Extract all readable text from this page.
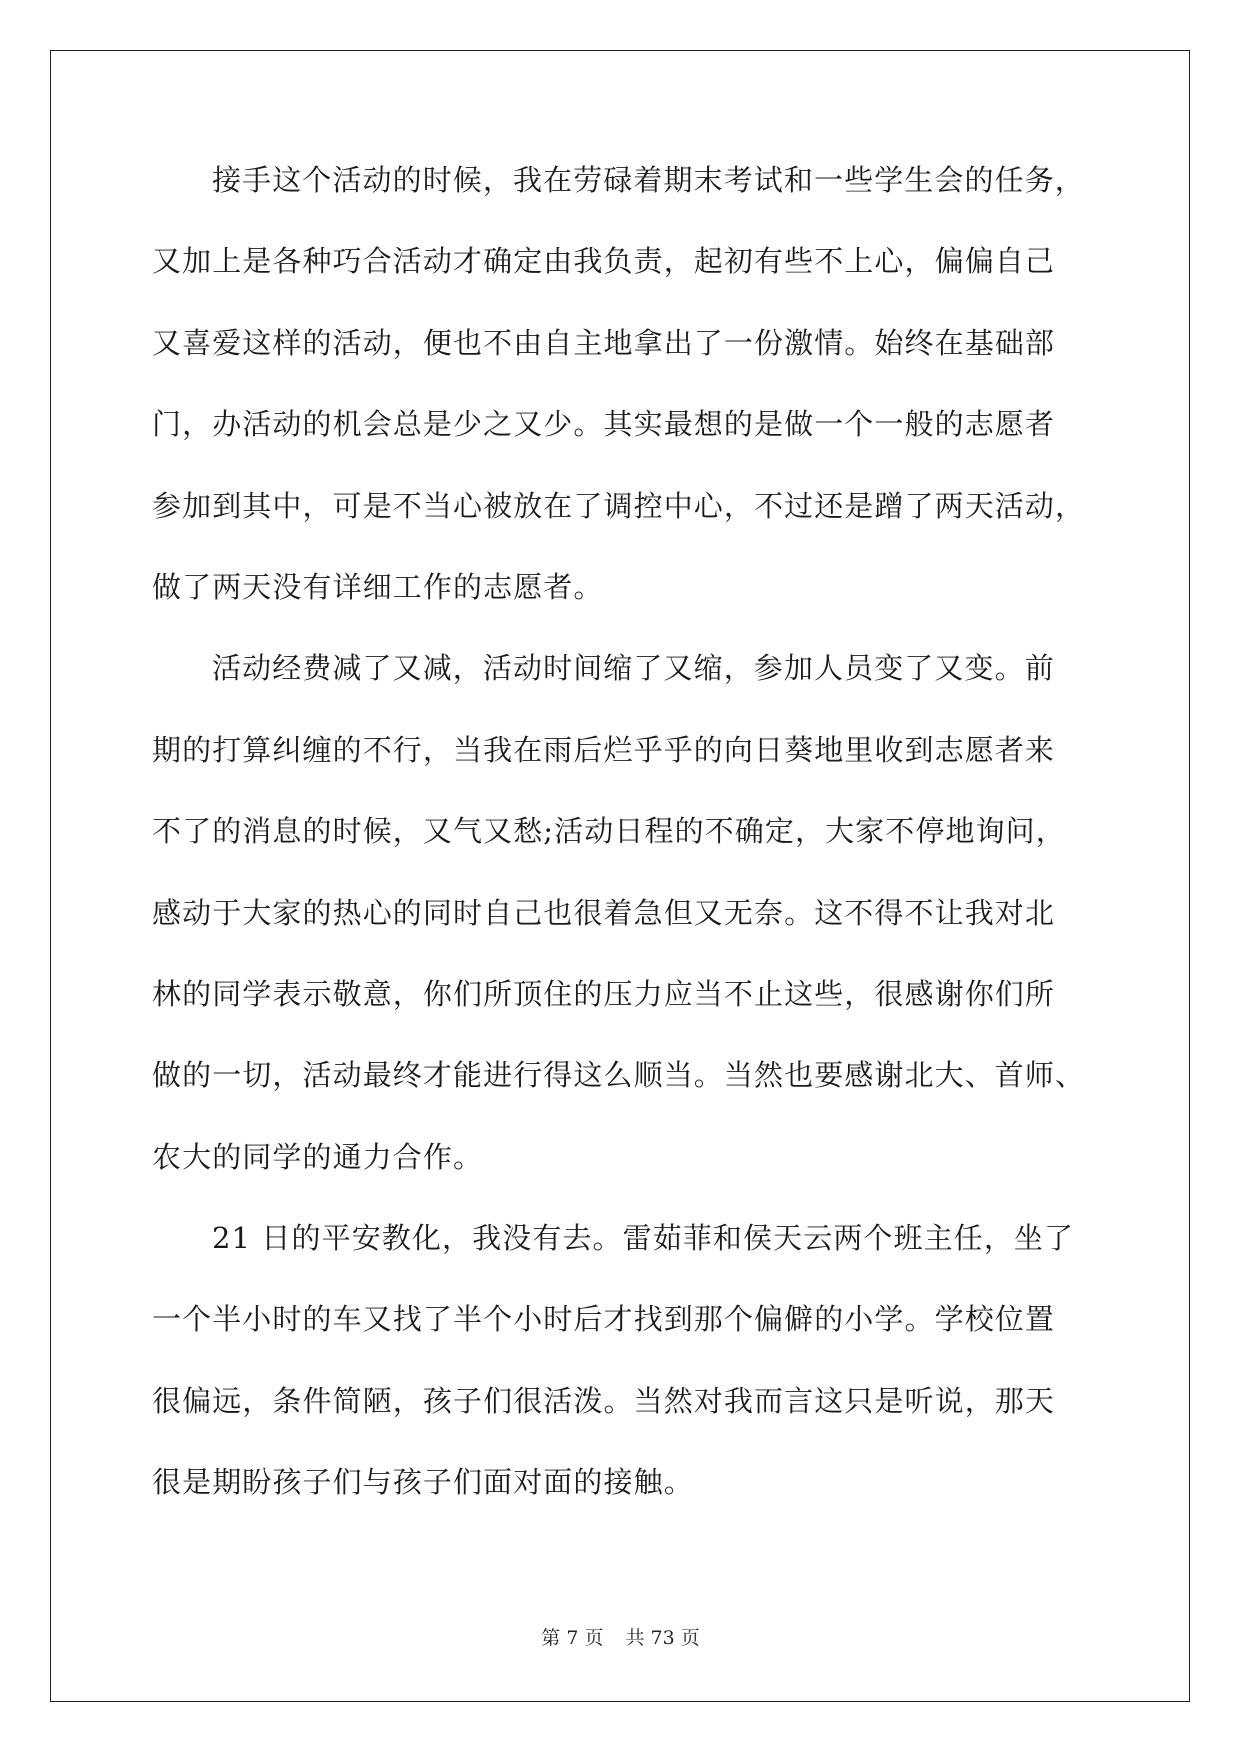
接手这个活动的时候，我在劳碌着期末考试和一些学生会的任务，
又加上是各种巧合活动才确定由我负责，起初有些不上心，偏偏自己
又喜爱这样的活动，便也不由自主地拿出了一份激情。始终在基础部
门，办活动的机会总是少之又少。其实最想的是做一个一般的志愿者
参加到其中，可是不当心被放在了调控中心，不过还是蹭了两天活动，
做了两天没有详细工作的志愿者。
活动经费减了又减，活动时间缩了又缩，参加人员变了又变。前
期的打算纠缠的不行，当我在雨后烂乎乎的向日葵地里收到志愿者来
不了的消息的时候，又气又愁;活动日程的不确定，大家不停地询问，
感动于大家的热心的同时自己也很着急但又无奈。这不得不让我对北
林的同学表示敬意，你们所顶住的压力应当不止这些，很感谢你们所
做的一切，活动最终才能进行得这么顺当。当然也要感谢北大、首师、
农大的同学的通力合作。
21 日的平安教化，我没有去。雷茹菲和侯天云两个班主任，坐了
一个半小时的车又找了半个小时后才找到那个偏僻的小学。学校位置
很偏远，条件简陋，孩子们很活泼。当然对我而言这只是听说，那天
很是期盼孩子们与孩子们面对面的接触。
第 7 页 共 73 页
